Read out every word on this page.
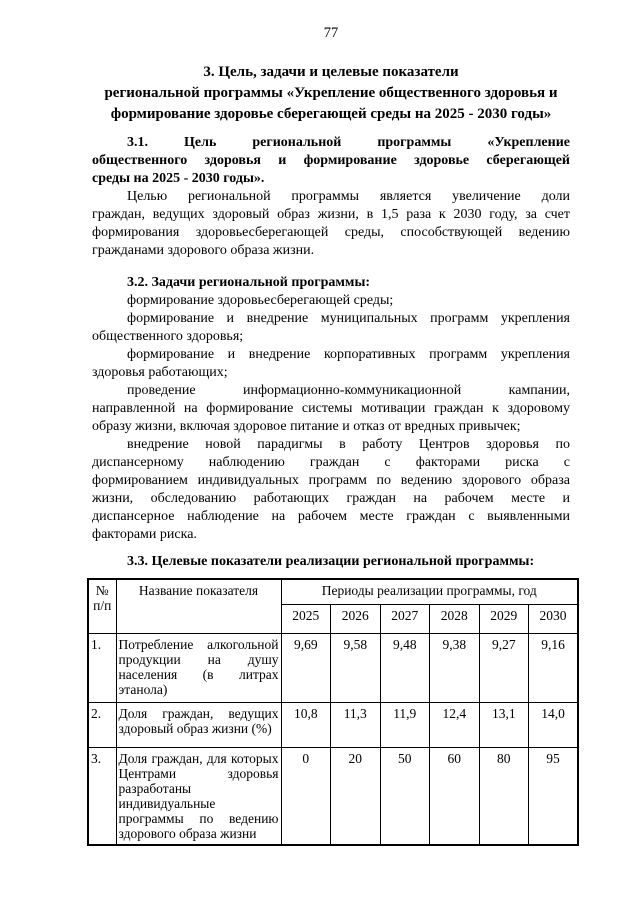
77
3. Цель, задачи и целевые показатели
региональной программы «Укрепление общественного здоровья и
формирование здоровье сберегающей среды на 2025 - 2030 годы»
3.1. Цель региональной программы «Укрепление
общественного здоровья и формирование здоровье сберегающей
среды на 2025 - 2030 годы».
Целью региональной программы является увеличение доли
граждан, ведущих здоровый образ жизни, в 1,5 раза к 2030 году, за счет
формирования здоровьесберегающей среды, способствующей ведению
гражданами здорового образа жизни.
3.2. Задачи региональной программы:
формирование здоровьесберегающей среды;
формирование и внедрение муниципальных программ укрепления
общественного здоровья;
формирование и внедрение корпоративных программ укрепления
здоровья работающих;
проведение информационно-коммуникационной кампании,
направленной на формирование системы мотивации граждан к здоровому
образу жизни, включая здоровое питание и отказ от вредных привычек;
внедрение новой парадигмы в работу Центров здоровья по
диспансерному наблюдению граждан с факторами риска с
формированием индивидуальных программ по ведению здорового образа
жизни, обследованию работающих граждан на рабочем месте и
диспансерное наблюдение на рабочем месте граждан с выявленными
факторами риска.
3.3. Целевые показатели реализации региональной программы:
№ п/п	Название показателя	Периоды реализации программы, год					
		2025	2026	2027	2028	2029	2030
1.	Потребление алкогольной продукции на душу населения (в литрах этанола)	9,69	9,58	9,48	9,38	9,27	9,16
2.	Доля граждан, ведущих здоровый образ жизни (%)	10,8	11,3	11,9	12,4	13,1	14,0
3.	Доля граждан, для которых Центрами здоровья разработаны индивидуальные программы по ведению здорового образа жизни	0	20	50	60	80	95
